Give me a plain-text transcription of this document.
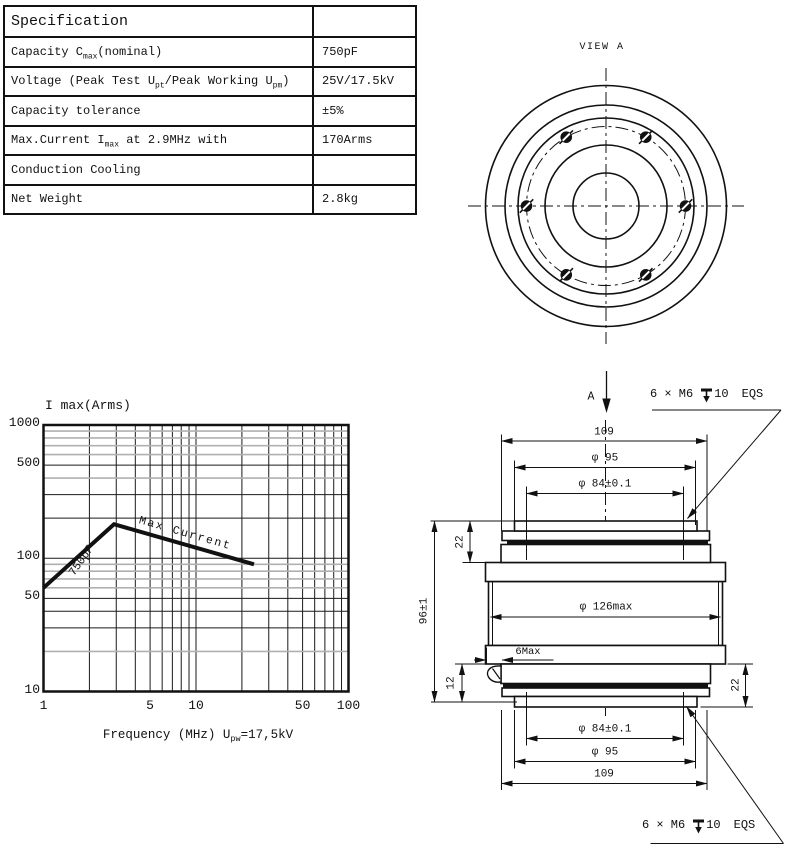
Specification	
Capacity $C_{max}(nominal)$	750pF
Voltage (Peak Test $U_{pt}$/Peak Working $U_{pm}$)	25V/17.5kV
Capacity tolerance	±5%
Max.Current $I_{max}$ at 2.9MHz with	170Arms
Conduction Cooling	
Net Weight	2.8kg
VIEW A
A	6 × M6 10 EQS
6 × M6 10 EQS
109
φ 95
φ 84±0.1
φ 126max
6Max
96±1
22
12	22
φ 84±0.1
φ 95
109
I max(Arms)
750pF
Max Current
Frequency (MHz) $U_{pw}=17,5kV$
1	5	10	50 100
1000
500
100
50
10
